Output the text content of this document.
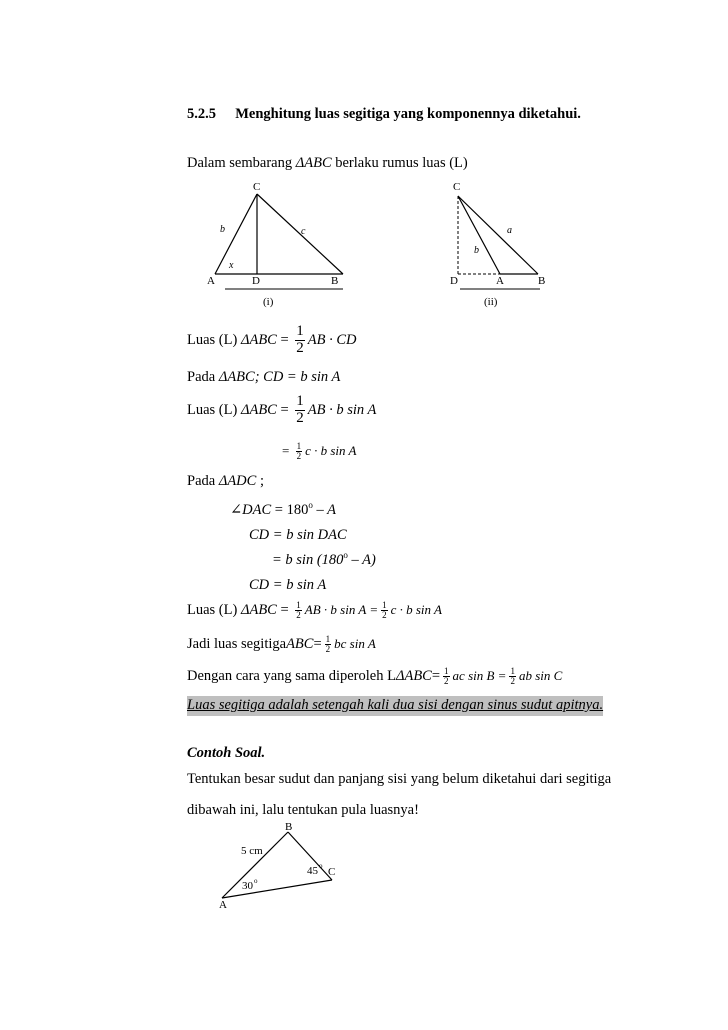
5.2.5 Menghitung luas segitiga yang komponennya diketahui.
Dalam sembarang ΔABC berlaku rumus luas (L)
C
b	c
x
A	D	B
(i)
C
a
b
D	A	B
(ii)
Luas (L)
$\Delta ABC = \frac{1}{2}$ AB · CD
Pada ΔABC; CD = b sin A
Luas (L)
$\Delta ABC = \frac{1}{2}$ AB · b sin A
= $\frac{1}{2}$ c · b sin A
Pada ΔADC ;
∠DAC = $180^o$ – A
CD = b sin DAC
= b sin (180$^o$ – A)
CD = b sin A
Luas (L)
$\Delta ABC = \frac{1}{2}$ AB · b $\sin A = \frac{1}{2}$ c · b sin A
Jadi luas segitiga ABC = $\frac{1}{2}$ bc sin A
Dengan cara yang sama diperoleh L $\Delta ABC = \frac{1}{2}$ ac $\sin B = \frac{1}{2}$ ab sin C
Luas segitiga adalah setengah kali dua sisi dengan sinus sudut apitnya.
Contoh Soal.
Tentukan besar sudut dan panjang sisi yang belum diketahui dari segitiga
dibawah ini, lalu tentukan pula luasnya!
B
5 cm
45 o C
30 o
A
